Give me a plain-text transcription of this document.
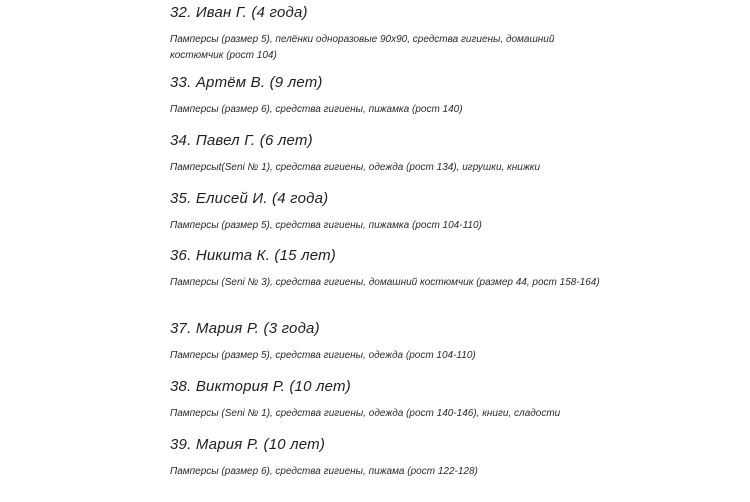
32. Иван Г. (4 года)

Памперсы (размер 5), пелёнки одноразовые 90х90, средства гигиены, домашний костюмчик (рост 104)

33. Артём В. (9 лет)

Памперсы (размер 6), средства гигиены, пижамка (рост 140)

34. Павел Г. (6 лет)

Памперсыt(Seni № 1), средства гигиены, одежда (рост 134), игрушки, книжки

35. Елисей И. (4 года)

Памперсы (размер 5), средства гигиены, пижамка (рост 104-110)

36. Никита К. (15 лет)

Памперсы (Seni № 3), средства гигиены, домашний костюмчик (размер 44, рост 158-164)

37. Мария Р. (3 года)

Памперсы (размер 5), средства гигиены, одежда (рост 104-110)

38. Виктория Р. (10 лет)

Памперсы (Seni № 1), средства гигиены, одежда (рост 140-146), книги, сладости

39. Мария Р. (10 лет)

Памперсы (размер 6), средства гигиены, пижама (рост 122-128)
